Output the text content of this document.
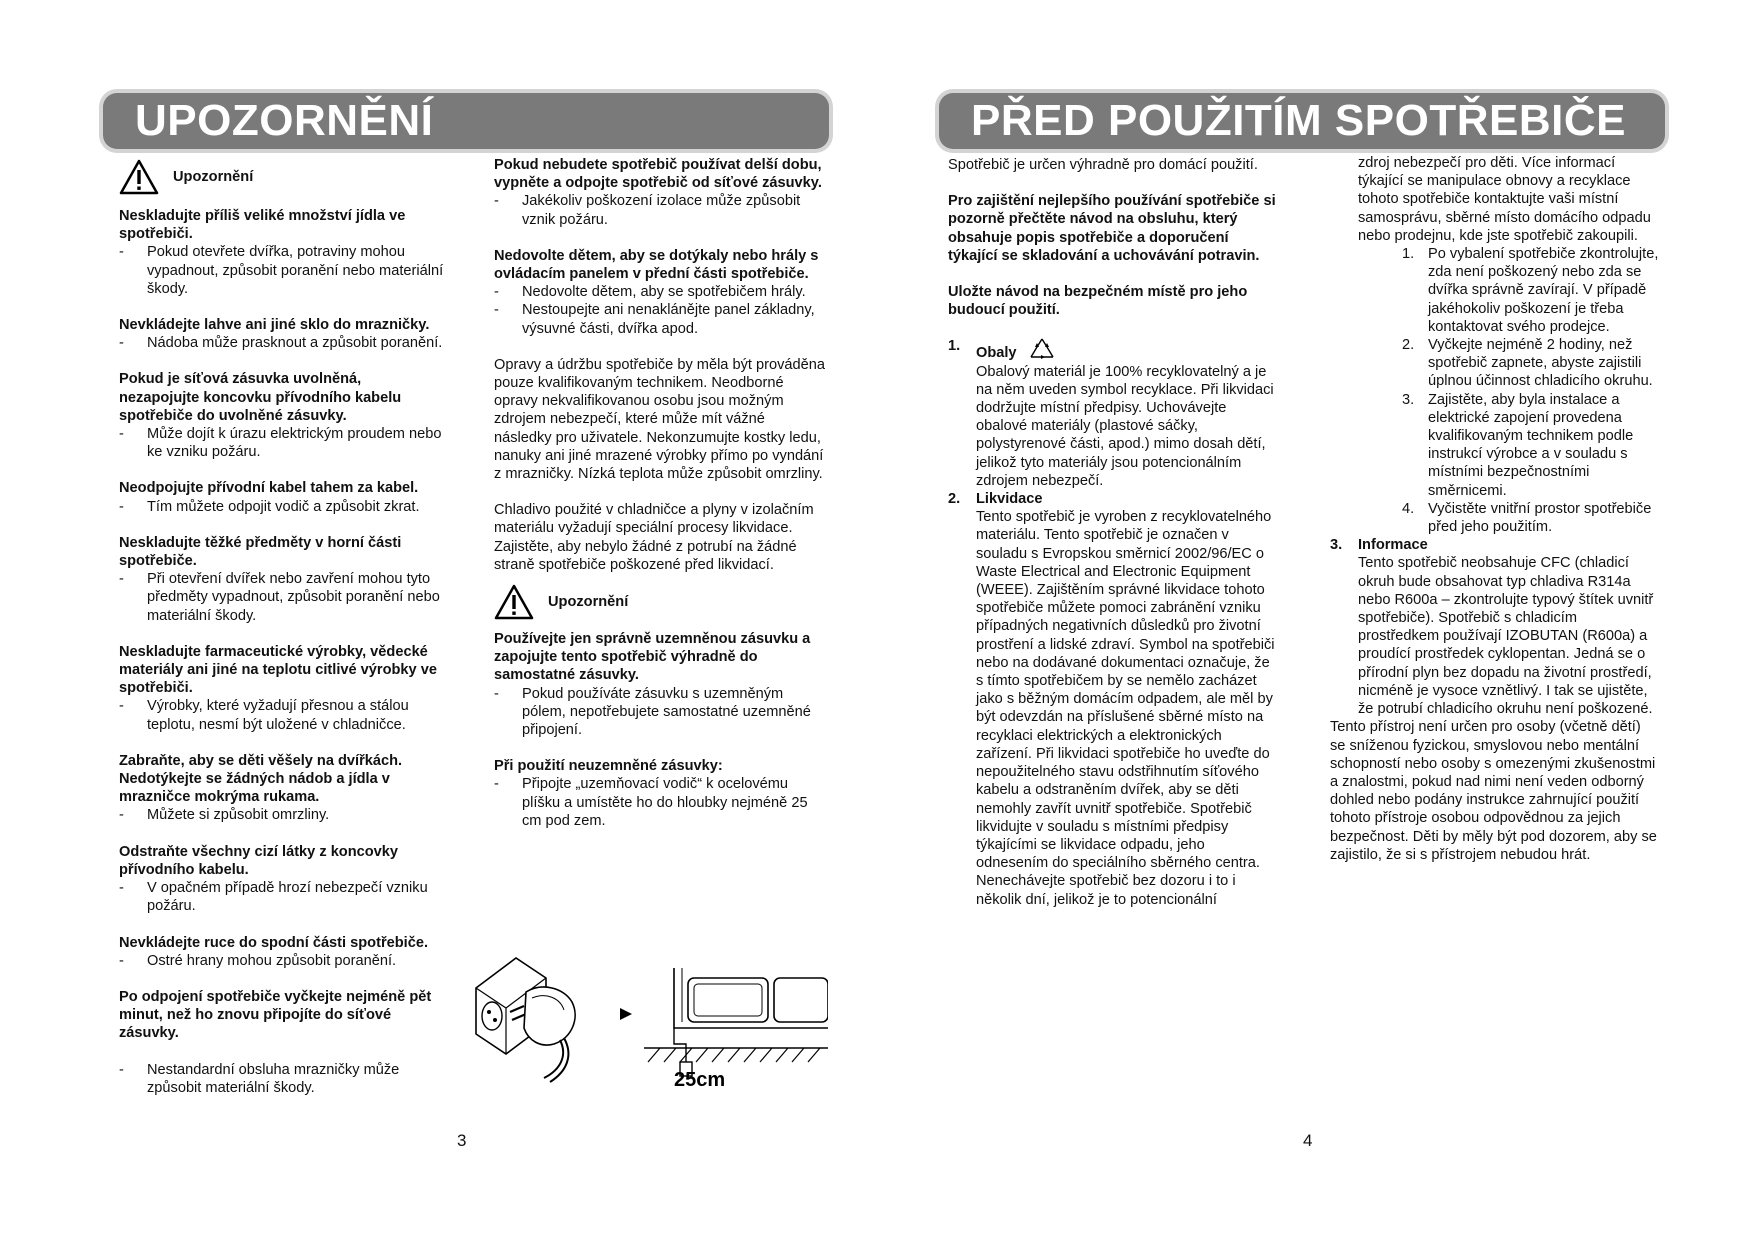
UPOZORNĚNÍ

Upozornění

Neskladujte příliš veliké množství jídla ve spotřebiči.

- Pokud otevřete dvířka, potraviny mohou vypadnout, způsobit poranění nebo materiální škody.

Nevkládejte lahve ani jiné sklo do mrazničky.

- Nádoba může prasknout a způsobit poranění.

Pokud je síťová zásuvka uvolněná, nezapojujte koncovku přívodního kabelu spotřebiče do uvolněné zásuvky.

- Může dojít k úrazu elektrickým proudem nebo ke vzniku požáru.

Neodpojujte přívodní kabel tahem za kabel.

- Tím můžete odpojit vodič a způsobit zkrat.

Neskladujte těžké předměty v horní části spotřebiče.

- Při otevření dvířek nebo zavření mohou tyto předměty vypadnout, způsobit poranění nebo materiální škody.

Neskladujte farmaceutické výrobky, vědecké materiály ani jiné na teplotu citlivé výrobky ve spotřebiči.

- Výrobky, které vyžadují přesnou a stálou teplotu, nesmí být uložené v chladničce.

Zabraňte, aby se děti věšely na dvířkách. Nedotýkejte se žádných nádob a jídla v mrazničce mokrýma rukama.

- Můžete si způsobit omrzliny.

Odstraňte všechny cizí látky z koncovky přívodního kabelu.

- V opačném případě hrozí nebezpečí vzniku požáru.

Nevkládejte ruce do spodní části spotřebiče.

- Ostré hrany mohou způsobit poranění.

Po odpojení spotřebiče vyčkejte nejméně pět minut, než ho znovu připojíte do síťové zásuvky.

- Nestandardní obsluha mrazničky může způsobit materiální škody.

Pokud nebudete spotřebič používat delší dobu, vypněte a odpojte spotřebič od síťové zásuvky.

- Jakékoliv poškození izolace může způsobit vznik požáru.

Nedovolte dětem, aby se dotýkaly nebo hrály s ovládacím panelem v přední části spotřebiče.

- Nedovolte dětem, aby se spotřebičem hrály.

- Nestoupejte ani nenaklánějte panel základny, výsuvné části, dvířka apod.

Opravy a údržbu spotřebiče by měla být prováděna pouze kvalifikovaným technikem. Neodborné opravy nekvalifikovanou osobu jsou možným zdrojem nebezpečí, které může mít vážné následky pro uživatele. Nekonzumujte kostky ledu, nanuky ani jiné mrazené výrobky přímo po vyndání z mrazničky. Nízká teplota může způsobit omrzliny.

Chladivo použité v chladničce a plyny v izolačním materiálu vyžadují speciální procesy likvidace. Zajistěte, aby nebylo žádné z potrubí na žádné straně spotřebiče poškozené před likvidací.

Upozornění

Používejte jen správně uzemněnou zásuvku a zapojujte tento spotřebič výhradně do samostatné zásuvky.

- Pokud používáte zásuvku s uzemněným pólem, nepotřebujete samostatné uzemněné připojení.

Při použití neuzemněné zásuvky:

- Připojte „uzemňovací vodič“ k ocelovému plíšku a umístěte ho do hloubky nejméně 25 cm pod zem.

25cm
3
PŘED POUŽITÍM SPOTŘEBIČE

Spotřebič je určen výhradně pro domácí použití.

Pro zajištění nejlepšího používání spotřebiče si pozorně přečtěte návod na obsluhu, který obsahuje popis spotřebiče a doporučení týkající se skladování a uchovávání potravin.

Uložte návod na bezpečném místě pro jeho budoucí použití.

1. Obaly

Obalový materiál je 100% recyklovatelný a je na něm uveden symbol recyklace. Při likvidaci dodržujte místní předpisy. Uchovávejte obalové materiály (plastové sáčky, polystyrenové části, apod.) mimo dosah dětí, jelikož tyto materiály jsou potencionálním zdrojem nebezpečí.

2. Likvidace

Tento spotřebič je vyroben z recyklovatelného materiálu. Tento spotřebič je označen v souladu s Evropskou směrnicí 2002/96/EC o Waste Electrical and Electronic Equipment (WEEE). Zajištěním správné likvidace tohoto spotřebiče můžete pomoci zabránění vzniku případných negativních důsledků pro životní prostření a lidské zdraví. Symbol na spotřebiči nebo na dodávané dokumentaci označuje, že s tímto spotřebičem by se nemělo zacházet jako s běžným domácím odpadem, ale měl by být odevzdán na příslušené sběrné místo na recyklaci elektrických a elektronických zařízení. Při likvidaci spotřebiče ho uveďte do nepoužitelného stavu odstřihnutím síťového kabelu a odstraněním dvířek, aby se děti nemohly zavřít uvnitř spotřebiče. Spotřebič likvidujte v souladu s místními předpisy týkajícími se likvidace odpadu, jeho odnesením do speciálního sběrného centra. Nenechávejte spotřebič bez dozoru i to i několik dní, jelikož je to potencionální

zdroj nebezpečí pro děti. Více informací týkající se manipulace obnovy a recyklace tohoto spotřebiče kontaktujte vaši místní samosprávu, sběrné místo domácího odpadu nebo prodejnu, kde jste spotřebič zakoupili.

1. Po vybalení spotřebiče zkontrolujte, zda není poškozený nebo zda se dvířka správně zavírají. V případě jakéhokoliv poškození je třeba kontaktovat svého prodejce.
2. Vyčkejte nejméně 2 hodiny, než spotřebič zapnete, abyste zajistili úplnou účinnost chladicího okruhu.
3. Zajistěte, aby byla instalace a elektrické zapojení provedena kvalifikovaným technikem podle instrukcí výrobce a v souladu s místními bezpečnostními směrnicemi.
4. Vyčistěte vnitřní prostor spotřebiče před jeho použitím.
3. Informace

Tento spotřebič neobsahuje CFC (chladicí okruh bude obsahovat typ chladiva R314a nebo R600a – zkontrolujte typový štítek uvnitř spotřebiče). Spotřebič s chladicím prostředkem používají IZOBUTAN (R600a) a proudící prostředek cyklopentan. Jedná se o přírodní plyn bez dopadu na životní prostředí, nicméně je vysoce vznětlivý. I tak se ujistěte, že potrubí chladicího okruhu není poškozené.

Tento přístroj není určen pro osoby (včetně dětí) se sníženou fyzickou, smyslovou nebo mentální schopností nebo osoby s omezenými zkušenostmi a znalostmi, pokud nad nimi není veden odborný dohled nebo podány instrukce zahrnující použití tohoto přístroje osobou odpovědnou za jejich bezpečnost. Děti by měly být pod dozorem, aby se zajistilo, že si s přístrojem nebudou hrát.

4
